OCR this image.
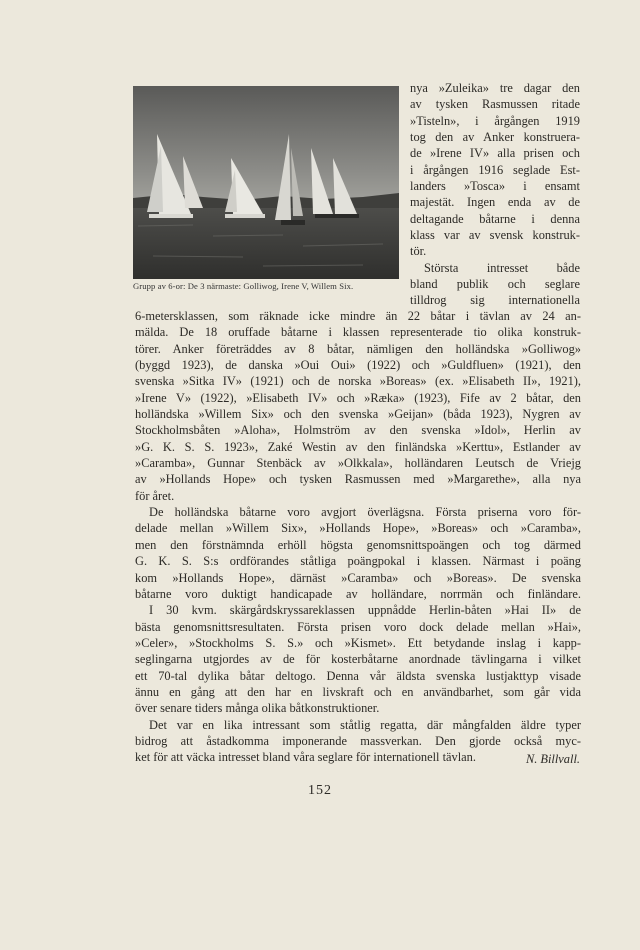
Grupp av 6-or: De 3 närmaste: Golliwog, Irene V, Willem Six.
nya »Zuleika» tre dagar den
av tysken Rasmussen ritade
»Tisteln», i årgången 1919
tog den av Anker konstruera-
de »Irene IV» alla prisen och
i årgången 1916 seglade Est-
landers »Tosca» i ensamt
majestät. Ingen enda av de
deltagande båtarne i denna
klass var av svensk konstruk-
tör.
Största intresset både
bland publik och seglare
tilldrog sig internationella
6-metersklassen, som räknade icke mindre än 22 båtar i tävlan av 24 an-
mälda. De 18 oruffade båtarne i klassen representerade tio olika konstruk-
törer. Anker företräddes av 8 båtar, nämligen den holländska »Golliwog»
(byggd 1923), de danska »Oui Oui» (1922) och »Guldfluen» (1921), den
svenska »Sitka IV» (1921) och de norska »Boreas» (ex. »Elisabeth II», 1921),
»Irene V» (1922), »Elisabeth IV» och »Ræka» (1923), Fife av 2 båtar, den
holländska »Willem Six» och den svenska »Geijan» (båda 1923), Nygren av
Stockholmsbåten »Aloha», Holmström av den svenska »Idol», Herlin av
»G. K. S. S. 1923», Zaké Westin av den finländska »Kerttu», Estlander av
»Caramba», Gunnar Stenbäck av »Olkkala», holländaren Leutsch de Vriejg
av »Hollands Hope» och tysken Rasmussen med »Margarethe», alla nya
för året.
De holländska båtarne voro avgjort överlägsna. Första priserna voro för-
delade mellan »Willem Six», »Hollands Hope», »Boreas» och »Caramba»,
men den förstnämnda erhöll högsta genomsnittspoängen och tog därmed
G. K. S. S:s ordförandes ståtliga poängpokal i klassen. Närmast i poäng
kom »Hollands Hope», därnäst »Caramba» och »Boreas». De svenska
båtarne voro duktigt handicapade av holländare, norrmän och finländare.
I 30 kvm. skärgårdskryssareklassen uppnådde Herlin-båten »Hai II» de
bästa genomsnittsresultaten. Första prisen voro dock delade mellan »Hai»,
»Celer», »Stockholms S. S.» och »Kismet». Ett betydande inslag i kapp-
seglingarna utgjordes av de för kosterbåtarne anordnade tävlingarna i vilket
ett 70-tal dylika båtar deltogo. Denna vår äldsta svenska lustjakttyp visade
ännu en gång att den har en livskraft och en användbarhet, som går vida
över senare tiders många olika båtkonstruktioner.
Det var en lika intressant som ståtlig regatta, där mångfalden äldre typer
bidrog att åstadkomma imponerande massverkan. Den gjorde också myc-
ket för att väcka intresset bland våra seglare för internationell tävlan.	N. Billvall.
152
